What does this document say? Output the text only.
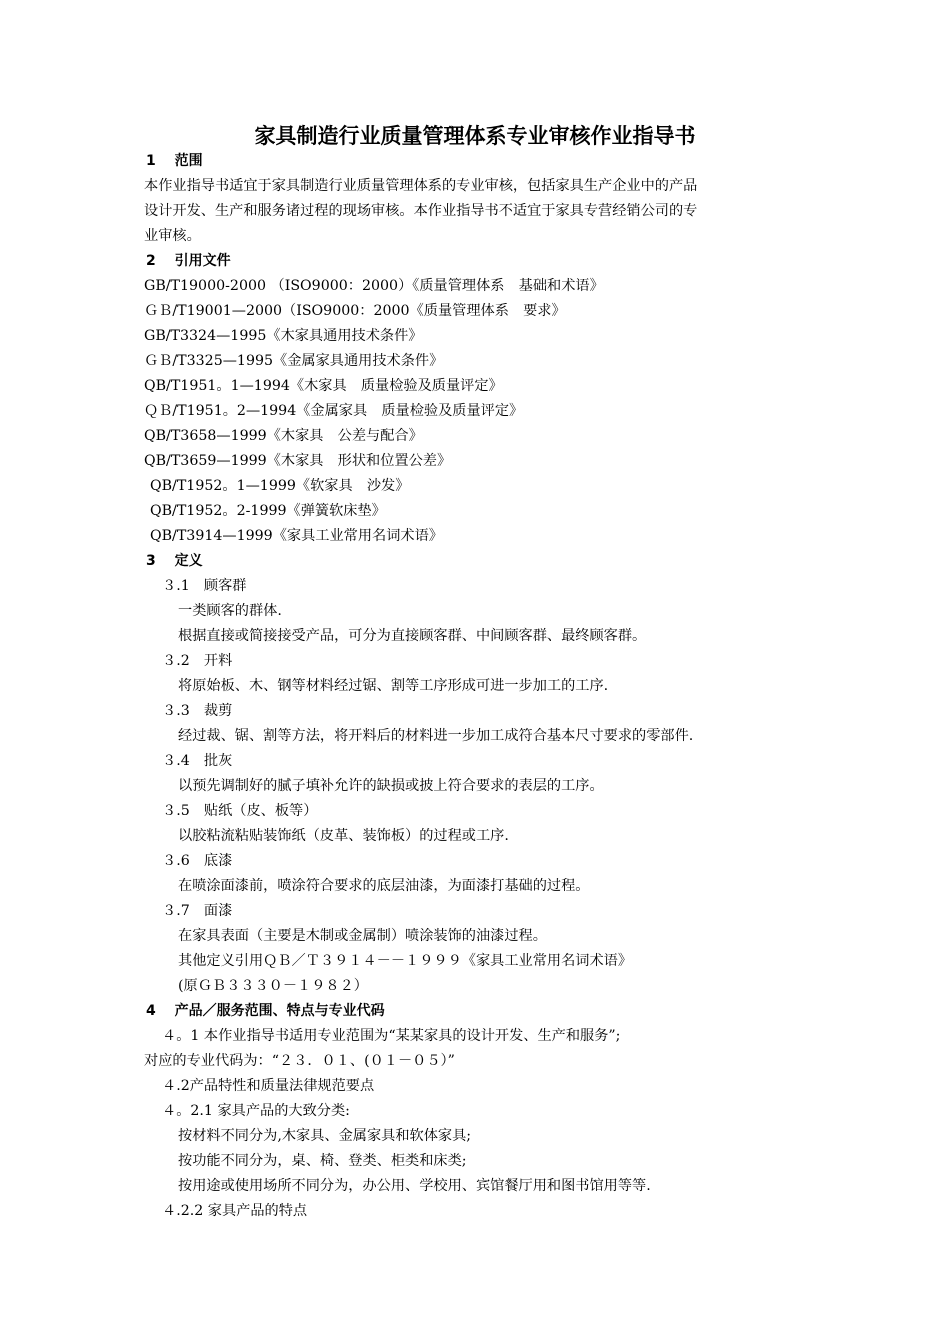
家具制造行业质量管理体系专业审核作业指导书
1　 范围
本作业指导书适宜于家具制造行业质量管理体系的专业审核，包括家具生产企业中的产品
设计开发、生产和服务诸过程的现场审核。本作业指导书不适宜于家具专营经销公司的专
业审核。
2　 引用文件
GB/T19000-2000 （ISO9000：2000）《质量管理体系　基础和术语》
ＧＢ/T19001—2000（ISO9000：2000《质量管理体系　要求》
GB/T3324—1995《木家具通用技术条件》
ＧＢ/T3325—1995《金属家具通用技术条件》
QB/T1951。1—1994《木家具　质量检验及质量评定》
ＱＢ/T1951。2—1994《金属家具　质量检验及质量评定》
QB/T3658—1999《木家具　公差与配合》
QB/T3659—1999《木家具　形状和位置公差》
QB/T1952。1—1999《软家具　沙发》
QB/T1952。2-1999《弹簧软床垫》
QB/T3914—1999《家具工业常用名词术语》
3　 定义
３.1　顾客群
一类顾客的群体.
根据直接或简接接受产品，可分为直接顾客群、中间顾客群、最终顾客群。
３.2　开料
将原始板、木、钢等材料经过锯、割等工序形成可进一步加工的工序.
３.3　裁剪
经过裁、锯、割等方法，将开料后的材料进一步加工成符合基本尺寸要求的零部件.
３.4　批灰
以预先调制好的腻子填补允许的缺损或披上符合要求的表层的工序。
３.5　贴纸（皮、板等）
以胶粘流粘贴装饰纸（皮革、装饰板）的过程或工序.
３.6　底漆
在喷涂面漆前，喷涂符合要求的底层油漆，为面漆打基础的过程。
３.7　面漆
在家具表面（主要是木制或金属制）喷涂装饰的油漆过程。
其他定义引用ＱＢ／Ｔ３９１４－－１９９９《家具工业常用名词术语》
(原ＧＢ３３３０－１９８２）
4　 产品／服务范围、特点与专业代码
４。1 本作业指导书适用专业范围为“某某家具的设计开发、生产和服务”;
对应的专业代码为：“２３．０１、(０１－０５）”
４.2产品特性和质量法律规范要点
４。2.1 家具产品的大致分类:
按材料不同分为,木家具、金属家具和软体家具;
按功能不同分为，桌、椅、登类、柜类和床类;
按用途或使用场所不同分为，办公用、学校用、宾馆餐厅用和图书馆用等等.
４.2.2 家具产品的特点
